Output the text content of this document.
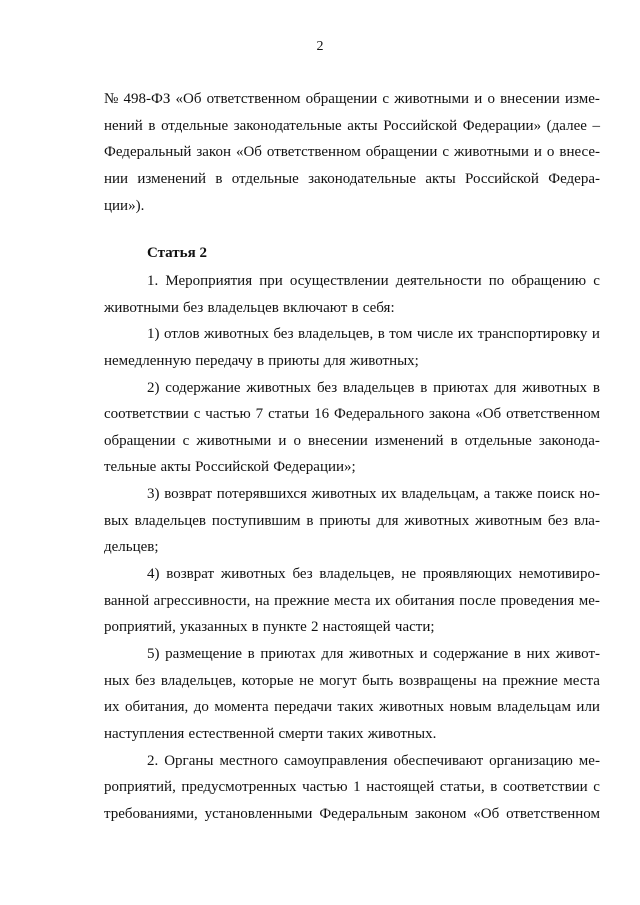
2
№ 498-ФЗ «Об ответственном обращении с животными и о внесении изме-
нений в отдельные законодательные акты Российской Федерации» (далее –
Федеральный закон «Об ответственном обращении с животными и о внесе-
нии изменений в отдельные законодательные акты Российской Федера-
ции»).
Статья 2
1. Мероприятия при осуществлении деятельности по обращению с
животными без владельцев включают в себя:
1) отлов животных без владельцев, в том числе их транспортировку и
немедленную передачу в приюты для животных;
2) содержание животных без владельцев в приютах для животных в
соответствии с частью 7 статьи 16 Федерального закона «Об ответственном
обращении с животными и о внесении изменений в отдельные законода-
тельные акты Российской Федерации»;
3) возврат потерявшихся животных их владельцам, а также поиск но-
вых владельцев поступившим в приюты для животных животным без вла-
дельцев;
4) возврат животных без владельцев, не проявляющих немотивиро-
ванной агрессивности, на прежние места их обитания после проведения ме-
роприятий, указанных в пункте 2 настоящей части;
5) размещение в приютах для животных и содержание в них живот-
ных без владельцев, которые не могут быть возвращены на прежние места
их обитания, до момента передачи таких животных новым владельцам или
наступления естественной смерти таких животных.
2. Органы местного самоуправления обеспечивают организацию ме-
роприятий, предусмотренных частью 1 настоящей статьи, в соответствии с
требованиями, установленными Федеральным законом «Об ответственном
